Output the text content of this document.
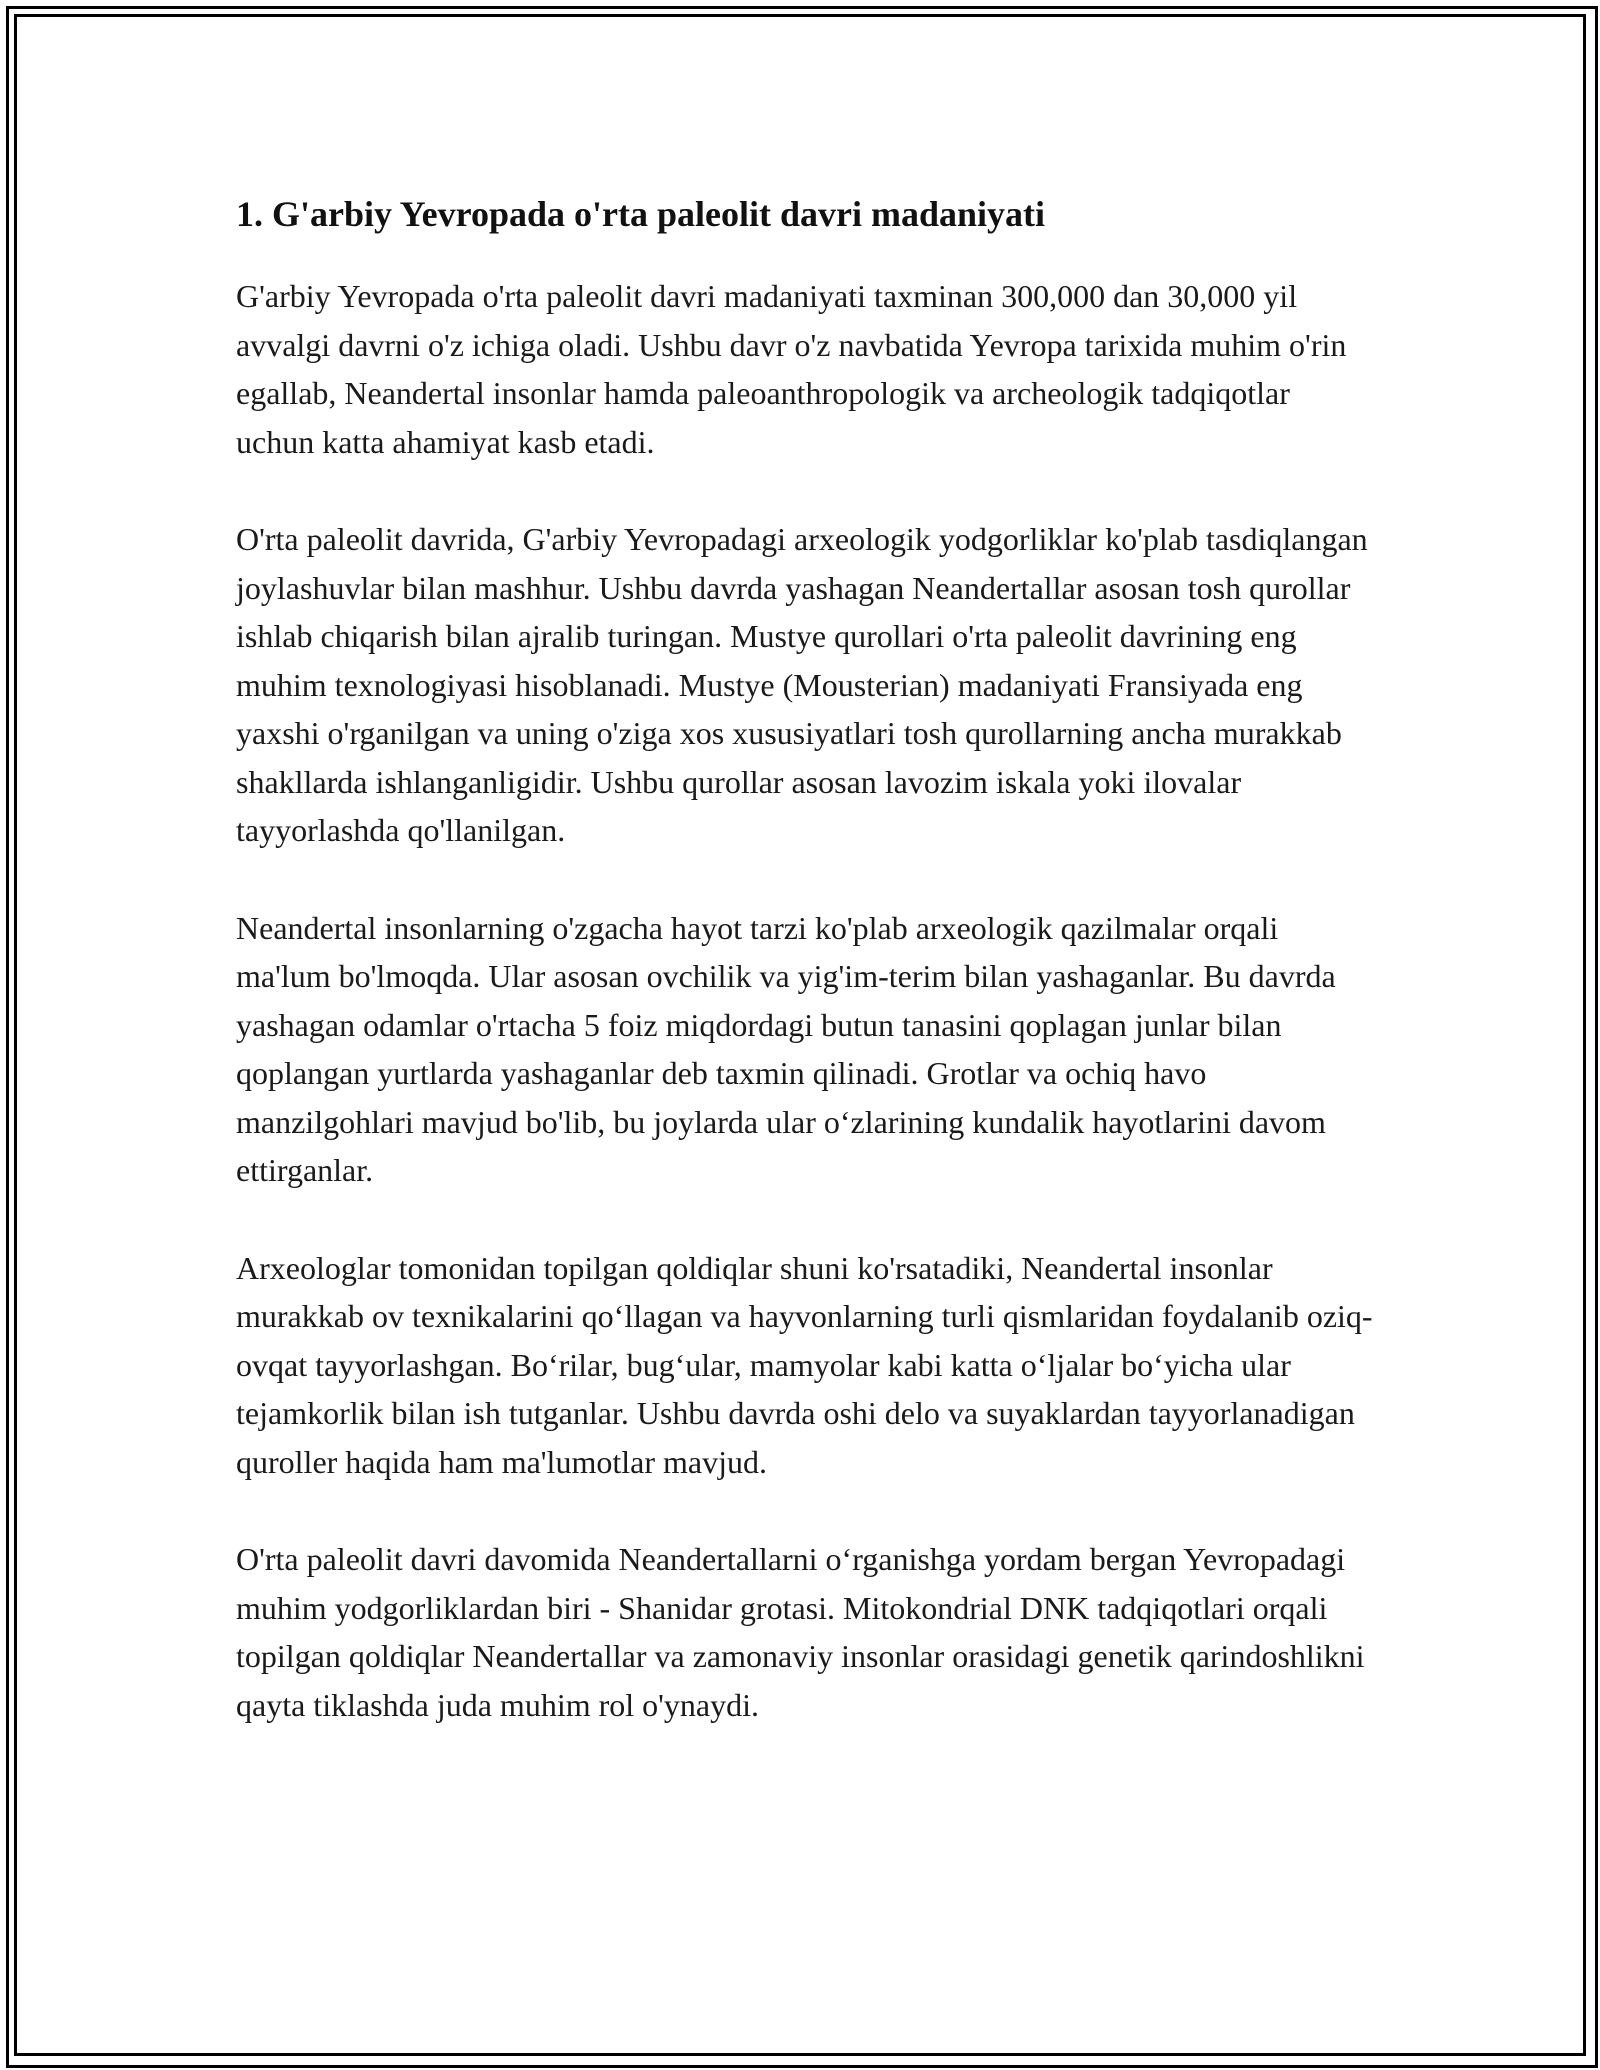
1. G'arbiy Yevropada o'rta paleolit davri madaniyati

G'arbiy Yevropada o'rta paleolit davri madaniyati taxminan 300,000 dan 30,000 yil avvalgi davrni o'z ichiga oladi. Ushbu davr o'z navbatida Yevropa tarixida muhim o'rin egallab, Neandertal insonlar hamda paleoanthropologik va archeologik tadqiqotlar uchun katta ahamiyat kasb etadi.

O'rta paleolit davrida, G'arbiy Yevropadagi arxeologik yodgorliklar ko'plab tasdiqlangan joylashuvlar bilan mashhur. Ushbu davrda yashagan Neandertallar asosan tosh qurollar ishlab chiqarish bilan ajralib turingan. Mustye qurollari o'rta paleolit davrining eng muhim texnologiyasi hisoblanadi. Mustye (Mousterian) madaniyati Fransiyada eng yaxshi o'rganilgan va uning o'ziga xos xususiyatlari tosh qurollarning ancha murakkab shakllarda ishlanganligidir. Ushbu qurollar asosan lavozim iskala yoki ilovalar tayyorlashda qo'llanilgan.

Neandertal insonlarning o'zgacha hayot tarzi ko'plab arxeologik qazilmalar orqali ma'lum bo'lmoqda. Ular asosan ovchilik va yig'im-terim bilan yashaganlar. Bu davrda yashagan odamlar o'rtacha 5 foiz miqdordagi butun tanasini qoplagan junlar bilan qoplangan yurtlarda yashaganlar deb taxmin qilinadi. Grotlar va ochiq havo manzilgohlari mavjud bo'lib, bu joylarda ular o‘zlarining kundalik hayotlarini davom ettirganlar.

Arxeologlar tomonidan topilgan qoldiqlar shuni ko'rsatadiki, Neandertal insonlar murakkab ov texnikalarini qo‘llagan va hayvonlarning turli qismlaridan foydalanib oziq-ovqat tayyorlashgan. Bo‘rilar, bug‘ular, mamyolar kabi katta o‘ljalar bo‘yicha ular tejamkorlik bilan ish tutganlar. Ushbu davrda oshi delo va suyaklardan tayyorlanadigan quroller haqida ham ma'lumotlar mavjud.

O'rta paleolit davri davomida Neandertallarni o‘rganishga yordam bergan Yevropadagi muhim yodgorliklardan biri - Shanidar grotasi. Mitokondrial DNK tadqiqotlari orqali topilgan qoldiqlar Neandertallar va zamonaviy insonlar orasidagi genetik qarindoshlikni qayta tiklashda juda muhim rol o'ynaydi.
